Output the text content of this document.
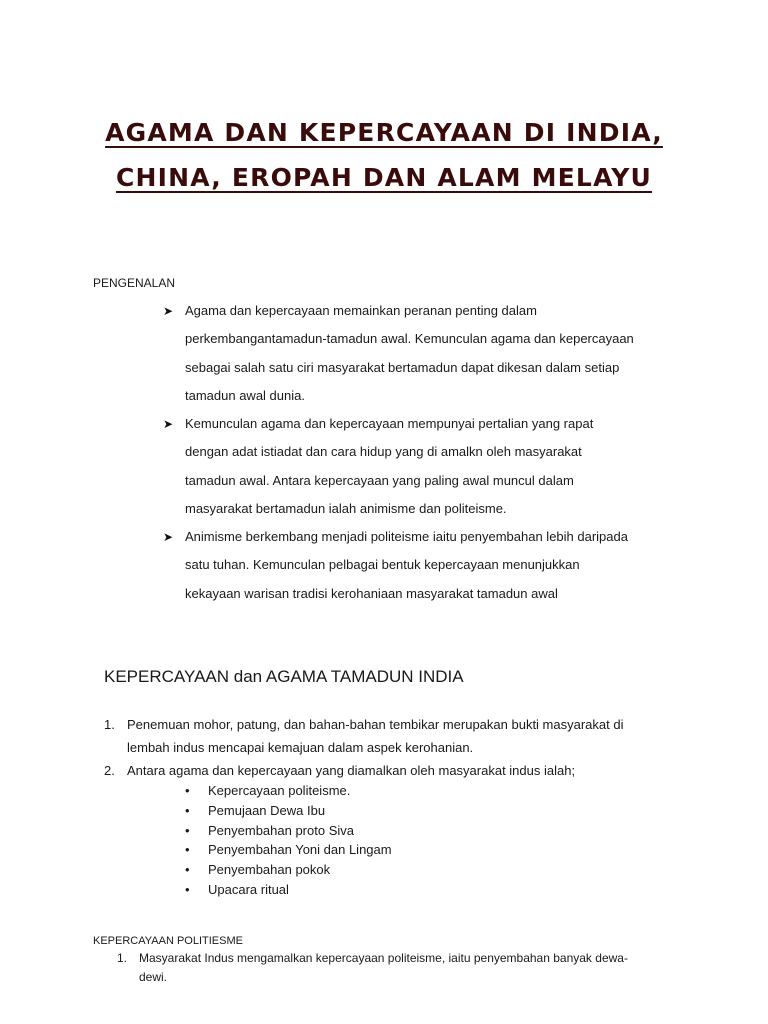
AGAMA DAN KEPERCAYAAN DI INDIA,
CHINA, EROPAH DAN ALAM MELAYU
PENGENALAN
➤ Agama dan kepercayaan memainkan peranan penting dalam
perkembangantamadun-tamadun awal. Kemunculan agama dan kepercayaan
sebagai salah satu ciri masyarakat bertamadun dapat dikesan dalam setiap
tamadun awal dunia.
➤ Kemunculan agama dan kepercayaan mempunyai pertalian yang rapat
dengan adat istiadat dan cara hidup yang di amalkn oleh masyarakat
tamadun awal. Antara kepercayaan yang paling awal muncul dalam
masyarakat bertamadun ialah animisme dan politeisme.
➤ Animisme berkembang menjadi politeisme iaitu penyembahan lebih daripada
satu tuhan. Kemunculan pelbagai bentuk kepercayaan menunjukkan
kekayaan warisan tradisi kerohaniaan masyarakat tamadun awal
KEPERCAYAAN dan AGAMA TAMADUN INDIA
1. Penemuan mohor, patung, dan bahan-bahan tembikar merupakan bukti masyarakat di
lembah indus mencapai kemajuan dalam aspek kerohanian.
2. Antara agama dan kepercayaan yang diamalkan oleh masyarakat indus ialah;
• Kepercayaan politeisme.
• Pemujaan Dewa Ibu
• Penyembahan proto Siva
• Penyembahan Yoni dan Lingam
• Penyembahan pokok
• Upacara ritual
KEPERCAYAAN POLITIESME
1. Masyarakat Indus mengamalkan kepercayaan politeisme, iaitu penyembahan banyak dewa-
dewi.
